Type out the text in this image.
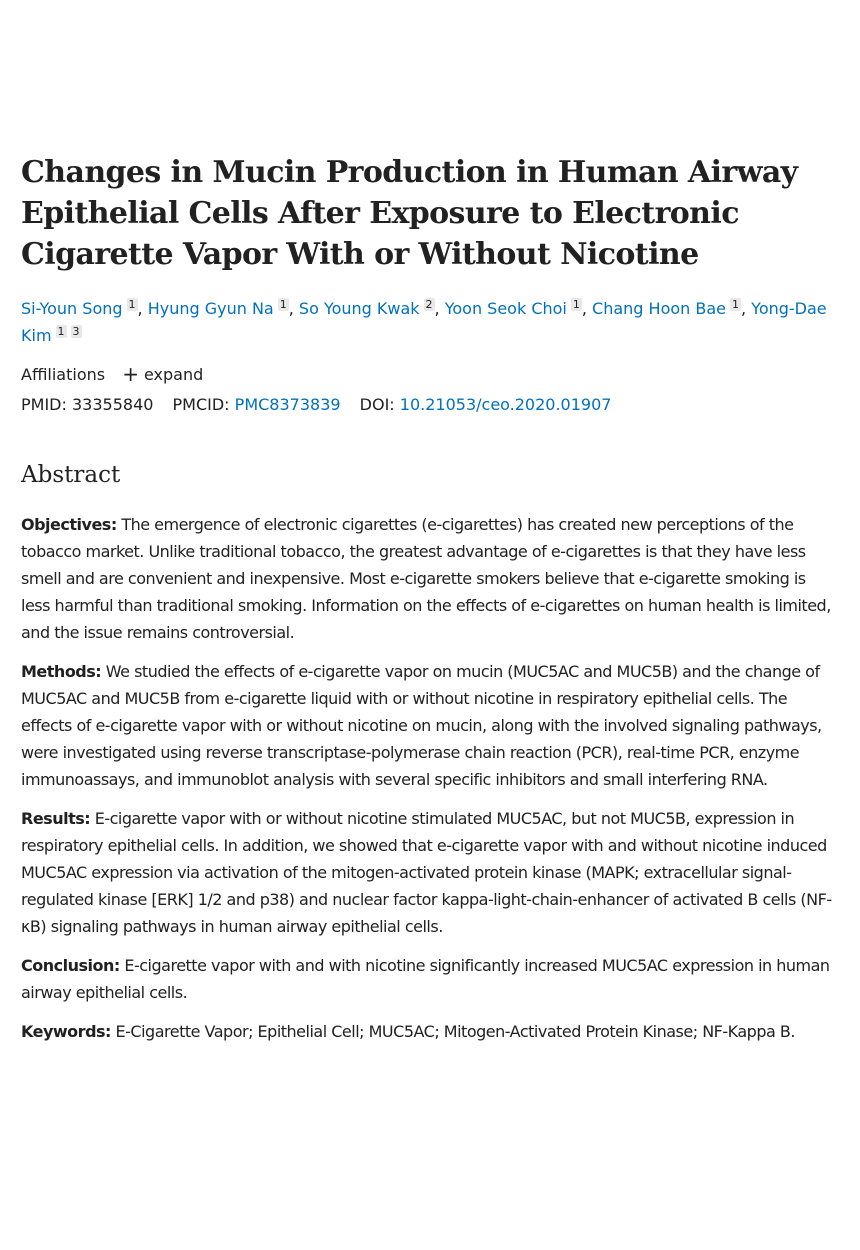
Changes in Mucin Production in Human Airway Epithelial Cells After Exposure to Electronic Cigarette Vapor With or Without Nicotine
Si-Youn Song 1 , Hyung Gyun Na 1 , So Young Kwak 2 , Yoon Seok Choi 1 , Chang Hoon Bae 1 , Yong-Dae Kim 1 3
Affiliations + expand
PMID: 33355840 PMCID: PMC8373839 DOI: 10.21053/ceo.2020.01907
Abstract

Objectives: The emergence of electronic cigarettes (e-cigarettes) has created new perceptions of the tobacco market. Unlike traditional tobacco, the greatest advantage of e-cigarettes is that they have less smell and are convenient and inexpensive. Most e-cigarette smokers believe that e-cigarette smoking is less harmful than traditional smoking. Information on the effects of e-cigarettes on human health is limited, and the issue remains controversial.

Methods: We studied the effects of e-cigarette vapor on mucin (MUC5AC and MUC5B) and the change of MUC5AC and MUC5B from e-cigarette liquid with or without nicotine in respiratory epithelial cells. The effects of e-cigarette vapor with or without nicotine on mucin, along with the involved signaling pathways, were investigated using reverse transcriptase-polymerase chain reaction (PCR), real-time PCR, enzyme immunoassays, and immunoblot analysis with several specific inhibitors and small interfering RNA.

Results: E-cigarette vapor with or without nicotine stimulated MUC5AC, but not MUC5B, expression in respiratory epithelial cells. In addition, we showed that e-cigarette vapor with and without nicotine induced MUC5AC expression via activation of the mitogen-activated protein kinase (MAPK; extracellular signal-regulated kinase [ERK] 1/2 and p38) and nuclear factor kappa-light-chain-enhancer of activated B cells (NF-κB) signaling pathways in human airway epithelial cells.

Conclusion: E-cigarette vapor with and with nicotine significantly increased MUC5AC expression in human airway epithelial cells.

Keywords: E-Cigarette Vapor; Epithelial Cell; MUC5AC; Mitogen-Activated Protein Kinase; NF-Kappa B.
